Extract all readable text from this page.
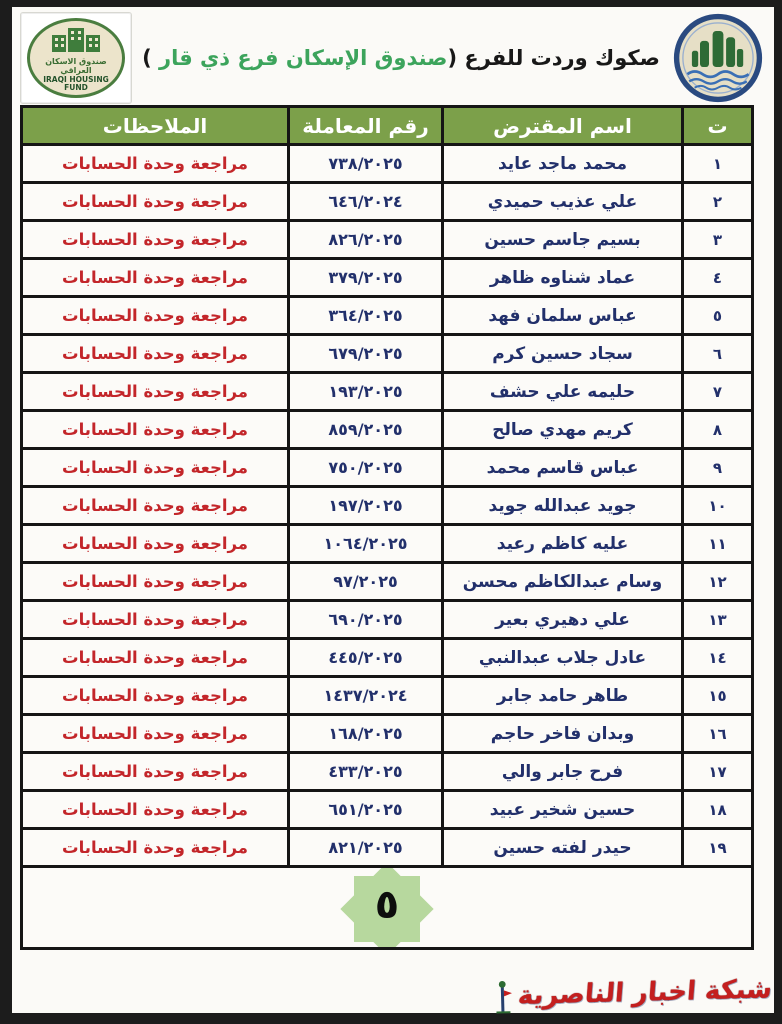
صكوك وردت للفرع (صندوق الإسكان فرع ذي قار )
صندوق الاسكان العراقي
IRAQI HOUSING FUND
ت	اسم المقترض	رقم المعاملة	الملاحظات
١	محمد ماجد عايد	٧٣٨/٢٠٢٥	مراجعة وحدة الحسابات
٢	علي عذيب حميدي	٦٤٦/٢٠٢٤	مراجعة وحدة الحسابات
٣	بسيم جاسم حسين	٨٢٦/٢٠٢٥	مراجعة وحدة الحسابات
٤	عماد شناوه ظاهر	٣٧٩/٢٠٢٥	مراجعة وحدة الحسابات
٥	عباس سلمان فهد	٣٦٤/٢٠٢٥	مراجعة وحدة الحسابات
٦	سجاد حسين كرم	٦٧٩/٢٠٢٥	مراجعة وحدة الحسابات
٧	حليمه علي حشف	١٩٣/٢٠٢٥	مراجعة وحدة الحسابات
٨	كريم مهدي صالح	٨٥٩/٢٠٢٥	مراجعة وحدة الحسابات
٩	عباس قاسم محمد	٧٥٠/٢٠٢٥	مراجعة وحدة الحسابات
١٠	جويد عبدالله جويد	١٩٧/٢٠٢٥	مراجعة وحدة الحسابات
١١	عليه كاظم رعيد	١٠٦٤/٢٠٢٥	مراجعة وحدة الحسابات
١٢	وسام عبدالكاظم محسن	٩٧/٢٠٢٥	مراجعة وحدة الحسابات
١٣	علي دهيري بعير	٦٩٠/٢٠٢٥	مراجعة وحدة الحسابات
١٤	عادل جلاب عبدالنبي	٤٤٥/٢٠٢٥	مراجعة وحدة الحسابات
١٥	طاهر حامد جابر	١٤٣٧/٢٠٢٤	مراجعة وحدة الحسابات
١٦	وبدان فاخر حاجم	١٦٨/٢٠٢٥	مراجعة وحدة الحسابات
١٧	فرح جابر والي	٤٣٣/٢٠٢٥	مراجعة وحدة الحسابات
١٨	حسين شخير عبيد	٦٥١/٢٠٢٥	مراجعة وحدة الحسابات
١٩	حيدر لفته حسين	٨٢١/٢٠٢٥	مراجعة وحدة الحسابات

٥			
شبكة اخبار الناصرية
